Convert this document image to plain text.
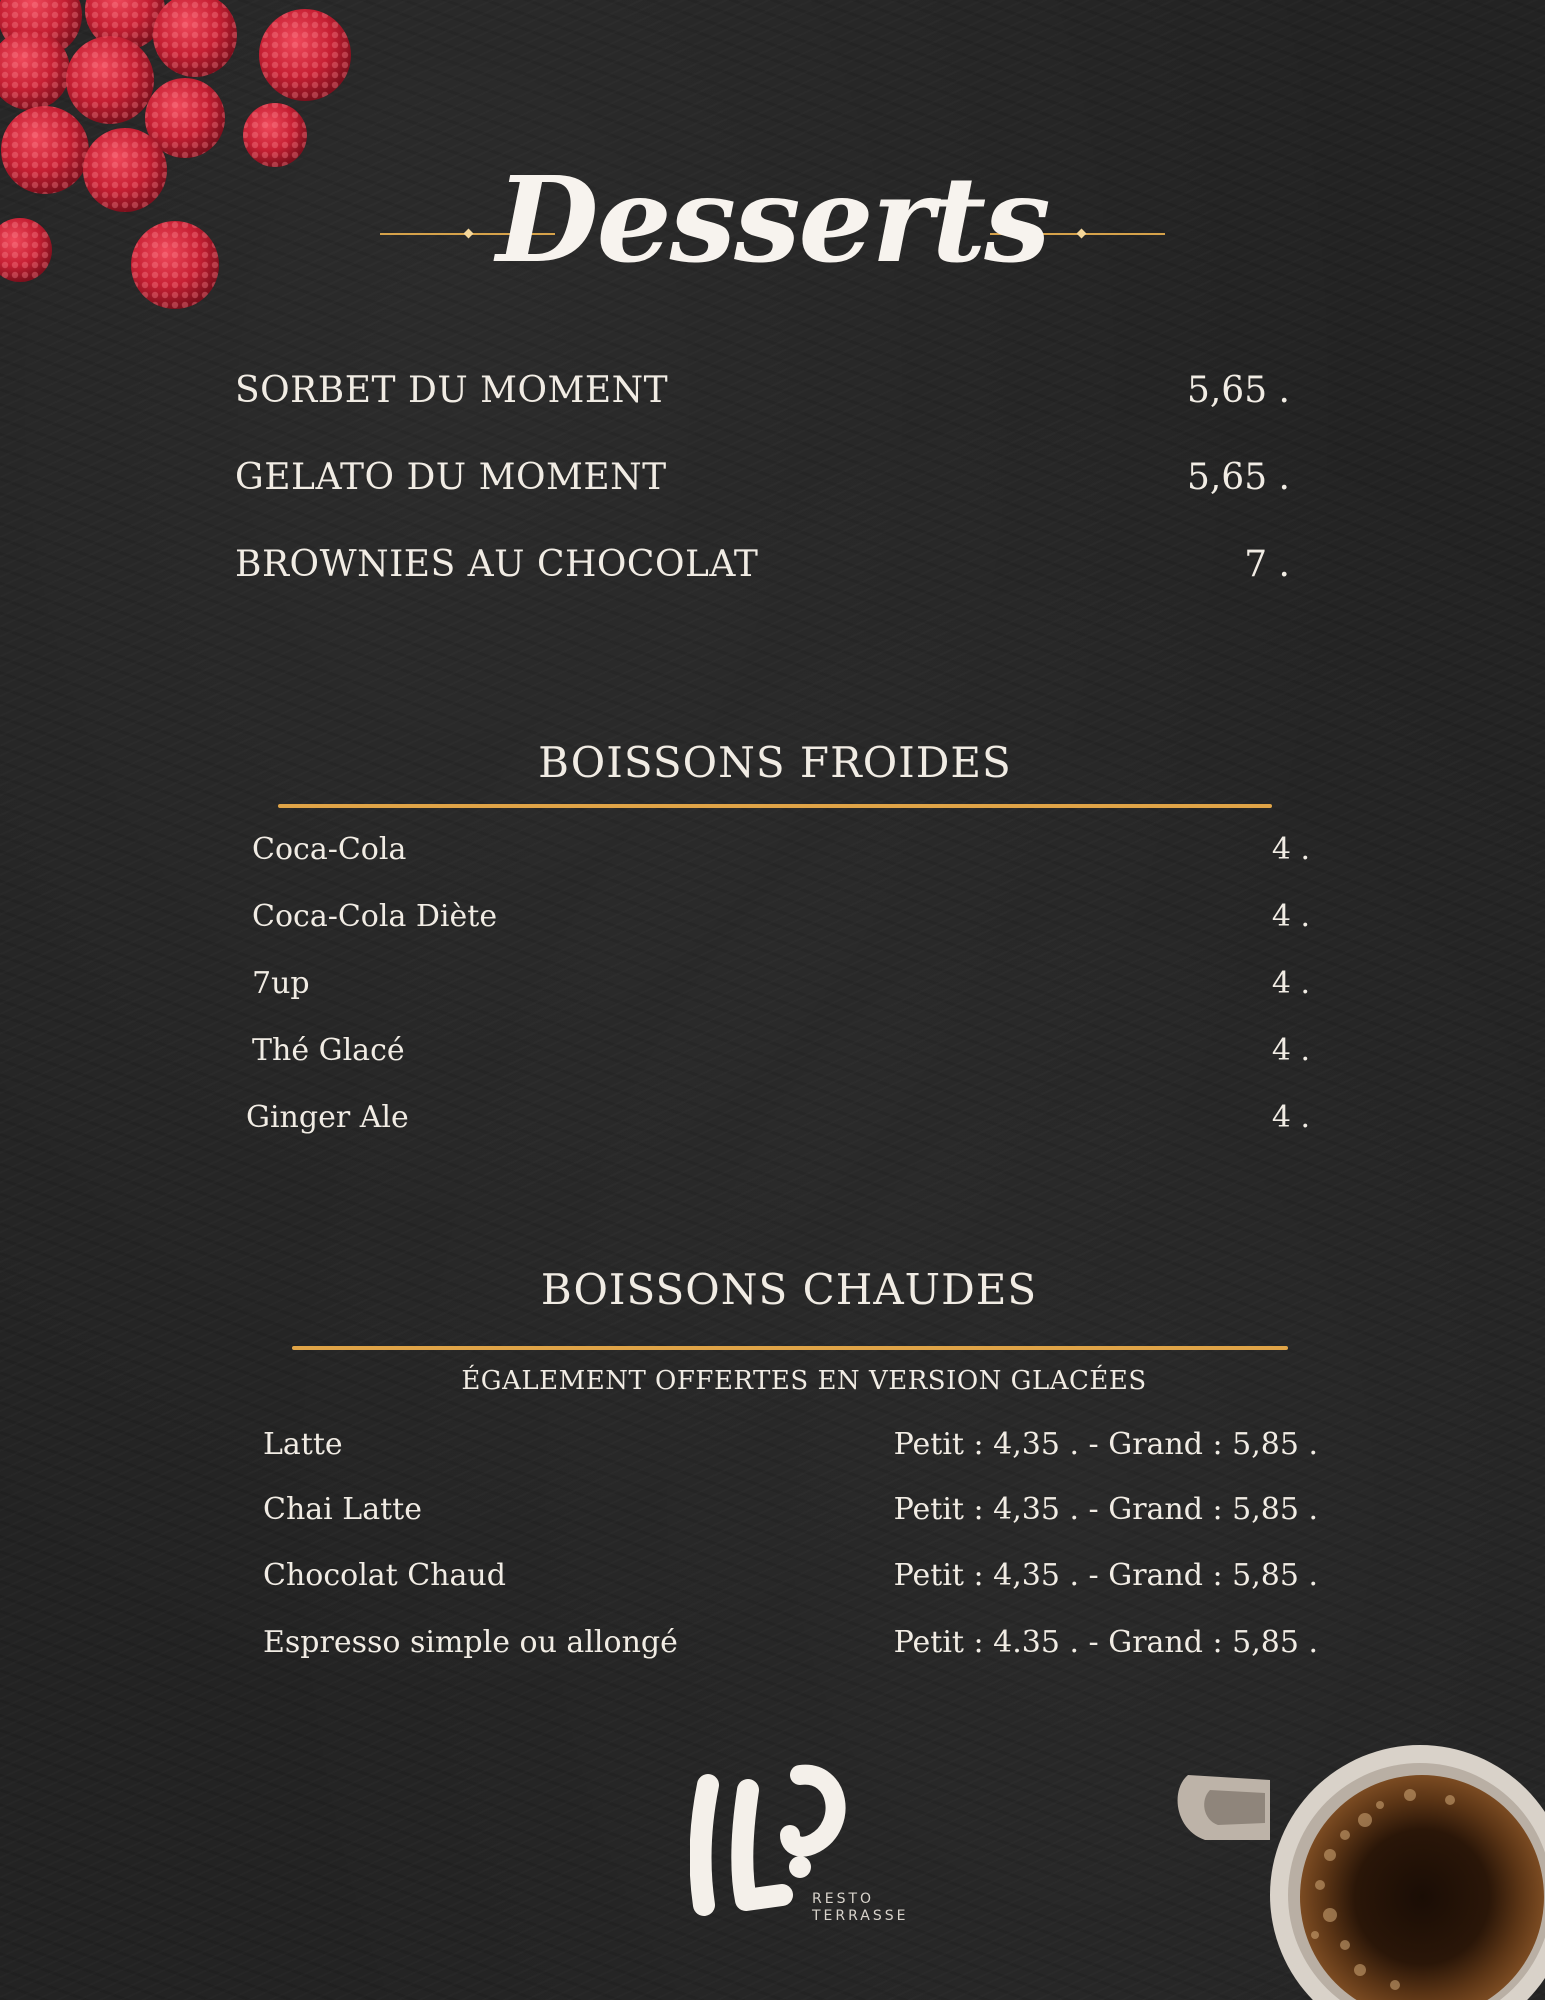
Desserts
SORBET DU MOMENT	5,65 .
GELATO DU MOMENT	5,65 .
BROWNIES AU CHOCOLAT	7 .
BOISSONS FROIDES
Coca-Cola	4 .
Coca-Cola Diète	4 .
7up	4 .
Thé Glacé	4 .
Ginger Ale	4 .
BOISSONS CHAUDES
ÉGALEMENT OFFERTES EN VERSION GLACÉES
Latte	Petit : 4,35 . - Grand : 5,85 .
Chai Latte	Petit : 4,35 . - Grand : 5,85 .
Chocolat Chaud	Petit : 4,35 . - Grand : 5,85 .
Espresso simple ou allongé	Petit : 4.35 . - Grand : 5,85 .
RESTO
TERRASSE
